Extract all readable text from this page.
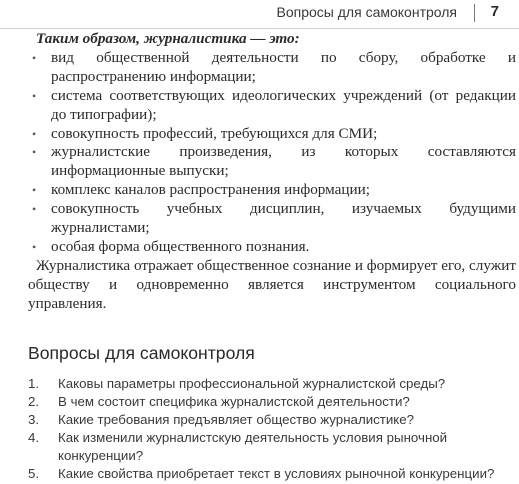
Вопросы для самоконтроля 7

Таким образом, журналистика — это:

• вид общественной деятельности по сбору, обработке и распространению информации;
• система соответствующих идеологических учреждений (от редакции до типографии);
• совокупность профессий, требующихся для СМИ;
• журналистские произведения, из которых составляются информационные выпуски;
• комплекс каналов распространения информации;
• совокупность учебных дисциплин, изучаемых будущими журналистами;
• особая форма общественного познания.

Журналистика отражает общественное сознание и формирует его, служит обществу и одновременно является инструментом социального управления.

Вопросы для самоконтроля
1. Каковы параметры профессиональной журналистской среды?
2. В чем состоит специфика журналистской деятельности?
3. Какие требования предъявляет общество журналистике?
4. Как изменили журналистскую деятельность условия рыночной конкуренции?
5. Какие свойства приобретает текст в условиях рыночной конкуренции?
